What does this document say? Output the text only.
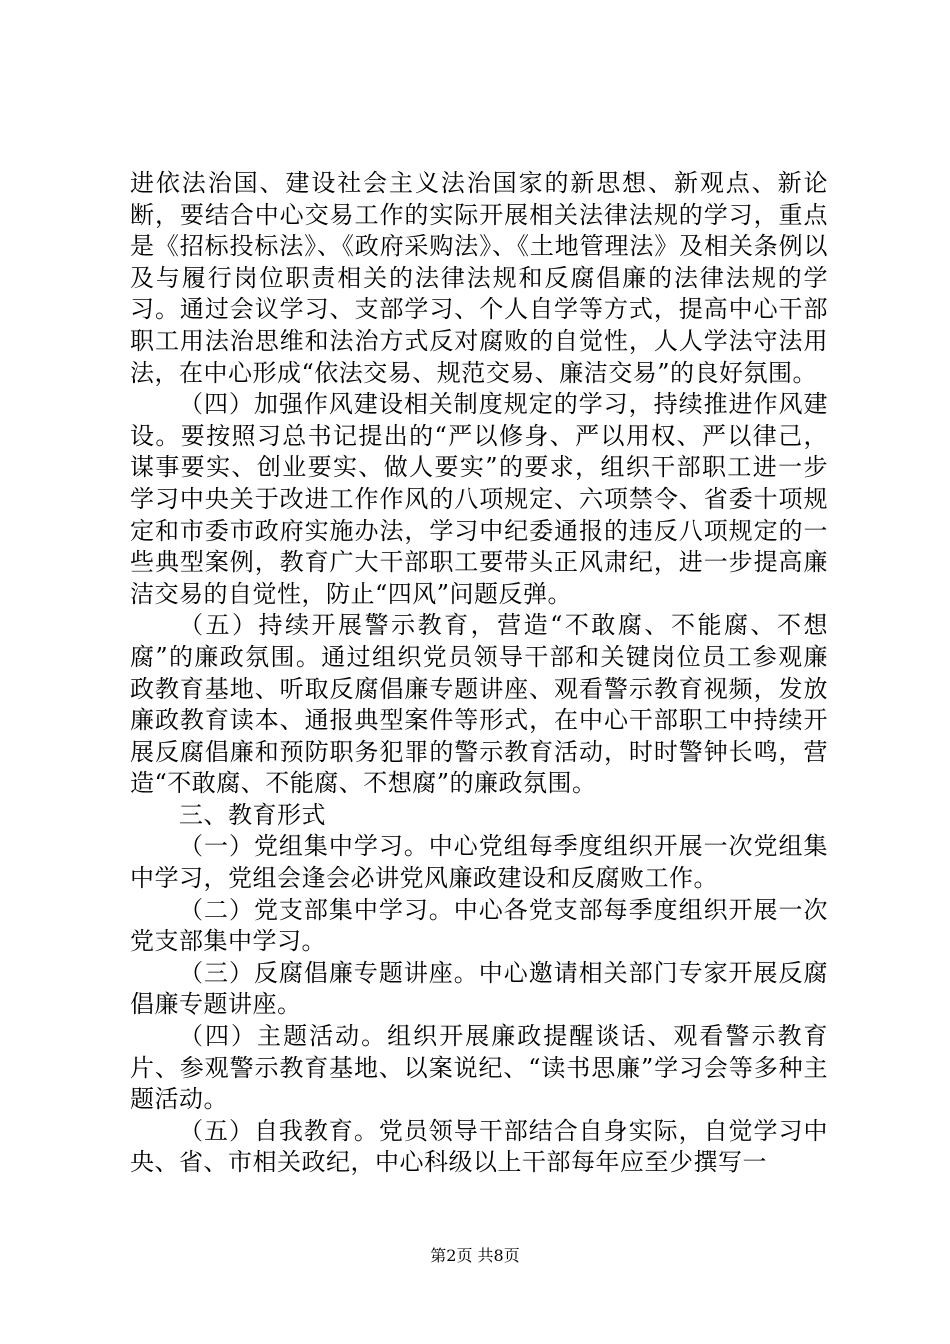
进依法治国、建设社会主义法治国家的新思想、新观点、新论断，要结合中心交易工作的实际开展相关法律法规的学习，重点是《招标投标法》、《政府采购法》、《土地管理法》及相关条例以及与履行岗位职责相关的法律法规和反腐倡廉的法律法规的学习。通过会议学习、支部学习、个人自学等方式，提高中心干部职工用法治思维和法治方式反对腐败的自觉性，人人学法守法用法，在中心形成“依法交易、规范交易、廉洁交易”的良好氛围。

（四）加强作风建设相关制度规定的学习，持续推进作风建设。要按照习总书记提出的“严以修身、严以用权、严以律己，谋事要实、创业要实、做人要实”的要求，组织干部职工进一步学习中央关于改进工作作风的八项规定、六项禁令、省委十项规定和市委市政府实施办法，学习中纪委通报的违反八项规定的一些典型案例，教育广大干部职工要带头正风肃纪，进一步提高廉洁交易的自觉性，防止“四风”问题反弹。

（五）持续开展警示教育，营造“不敢腐、不能腐、不想腐”的廉政氛围。通过组织党员领导干部和关键岗位员工参观廉政教育基地、听取反腐倡廉专题讲座、观看警示教育视频，发放廉政教育读本、通报典型案件等形式，在中心干部职工中持续开展反腐倡廉和预防职务犯罪的警示教育活动，时时警钟长鸣，营造“不敢腐、不能腐、不想腐”的廉政氛围。

三、教育形式

（一）党组集中学习。中心党组每季度组织开展一次党组集中学习，党组会逢会必讲党风廉政建设和反腐败工作。

（二）党支部集中学习。中心各党支部每季度组织开展一次党支部集中学习。

（三）反腐倡廉专题讲座。中心邀请相关部门专家开展反腐倡廉专题讲座。

（四）主题活动。组织开展廉政提醒谈话、观看警示教育片、参观警示教育基地、以案说纪、“读书思廉”学习会等多种主题活动。

（五）自我教育。党员领导干部结合自身实际，自觉学习中央、省、市相关政纪，中心科级以上干部每年应至少撰写一

第2页 共8页
